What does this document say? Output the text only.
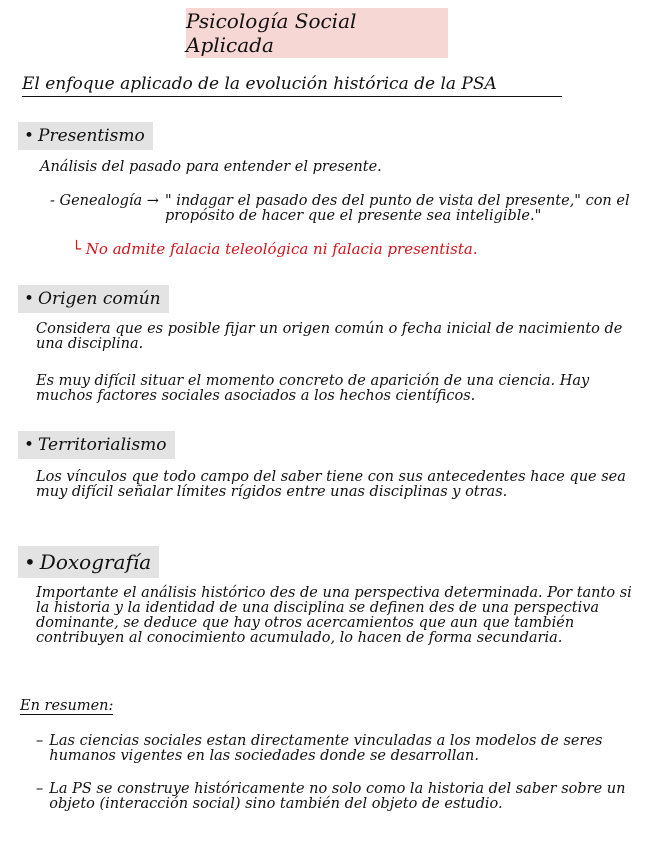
Psicología Social Aplicada
El enfoque aplicado de la evolución histórica de la PSA
• Presentismo
Análisis del pasado para entender el presente.
- Genealogía → " indagar el pasado des del punto de vista del presente," con el propósito de hacer que el presente sea inteligible."
└ No admite falacia teleológica ni falacia presentista.
• Origen común
Considera que es posible fijar un origen común o fecha inicial de nacimiento de una disciplina.
Es muy difícil situar el momento concreto de aparición de una ciencia. Hay muchos factores sociales asociados a los hechos científicos.
• Territorialismo
Los vínculos que todo campo del saber tiene con sus antecedentes hace que sea muy difícil señalar límites rígidos entre unas disciplinas y otras.
• Doxografía
Importante el análisis histórico des de una perspectiva determinada. Por tanto si la historia y la identidad de una disciplina se definen des de una perspectiva dominante, se deduce que hay otros acercamientos que aun que también contribuyen al conocimiento acumulado, lo hacen de forma secundaria.
En resumen:
– Las ciencias sociales estan directamente vinculadas a los modelos de seres humanos vigentes en las sociedades donde se desarrollan.
– La PS se construye históricamente no solo como la historia del saber sobre un objeto (interacción social) sino también del objeto de estudio.
